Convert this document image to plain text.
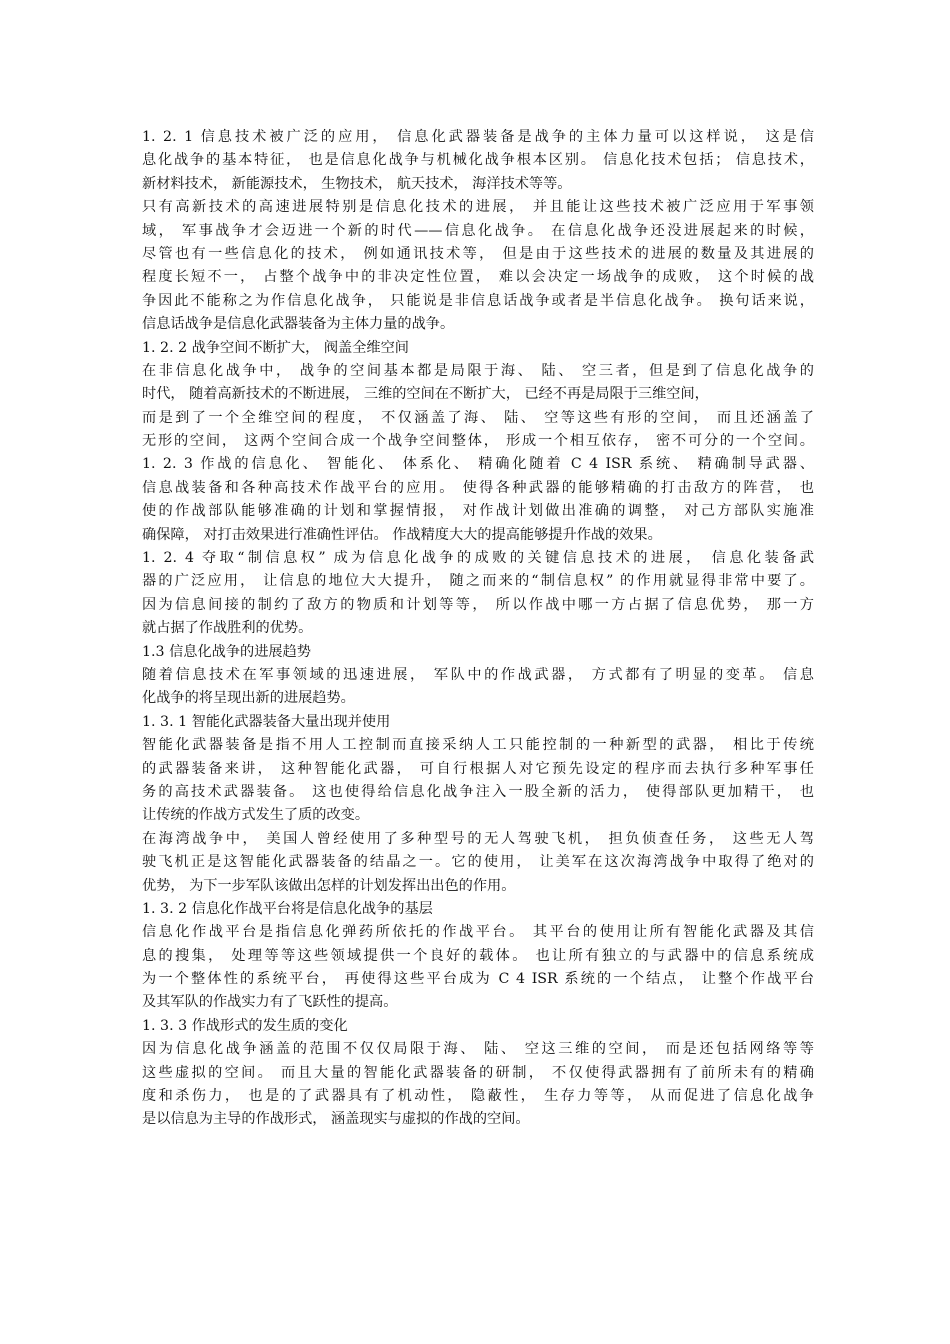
1. 2. 1 信息技术被广泛的应用， 信息化武器装备是战争的主体力量可以这样说， 这是信
息化战争的基本特征， 也是信息化战争与机械化战争根本区别。 信息化技术包括； 信息技术，
新材料技术， 新能源技术， 生物技术， 航天技术， 海洋技术等等。
只有高新技术的高速进展特别是信息化技术的进展， 并且能让这些技术被广泛应用于军事领
域， 军事战争才会迈进一个新的时代——信息化战争。 在信息化战争还没进展起来的时候，
尽管也有一些信息化的技术， 例如通讯技术等， 但是由于这些技术的进展的数量及其进展的
程度长短不一， 占整个战争中的非决定性位置， 难以会决定一场战争的成败， 这个时候的战
争因此不能称之为作信息化战争， 只能说是非信息话战争或者是半信息化战争。 换句话来说，
信息话战争是信息化武器装备为主体力量的战争。
1. 2. 2 战争空间不断扩大， 阀盖全维空间
在非信息化战争中， 战争的空间基本都是局限于海、 陆、 空三者，但是到了信息化战争的
时代， 随着高新技术的不断进展， 三维的空间在不断扩大， 已经不再是局限于三维空间，
而是到了一个全维空间的程度， 不仅涵盖了海、 陆、 空等这些有形的空间， 而且还涵盖了
无形的空间， 这两个空间合成一个战争空间整体， 形成一个相互依存， 密不可分的一个空间。
1. 2. 3 作战的信息化、 智能化、 体系化、 精确化随着 C 4 ISR 系统、 精确制导武器、
信息战装备和各种高技术作战平台的应用。 使得各种武器的能够精确的打击敌方的阵营， 也
使的作战部队能够准确的计划和掌握情报， 对作战计划做出准确的调整， 对己方部队实施准
确保障， 对打击效果进行准确性评估。 作战精度大大的提高能够提升作战的效果。
1. 2. 4 夺取“制信息权” 成为信息化战争的成败的关键信息技术的进展， 信息化装备武
器的广泛应用， 让信息的地位大大提升， 随之而来的“制信息权” 的作用就显得非常中要了。
因为信息间接的制约了敌方的物质和计划等等， 所以作战中哪一方占据了信息优势， 那一方
就占据了作战胜利的优势。
1.3 信息化战争的进展趋势
随着信息技术在军事领域的迅速进展， 军队中的作战武器， 方式都有了明显的变革。 信息
化战争的将呈现出新的进展趋势。
1. 3. 1 智能化武器装备大量出现并使用
智能化武器装备是指不用人工控制而直接采纳人工只能控制的一种新型的武器， 相比于传统
的武器装备来讲， 这种智能化武器， 可自行根据人对它预先设定的程序而去执行多种军事任
务的高技术武器装备。 这也使得给信息化战争注入一股全新的活力， 使得部队更加精干， 也
让传统的作战方式发生了质的改变。
在海湾战争中， 美国人曾经使用了多种型号的无人驾驶飞机， 担负侦查任务， 这些无人驾
驶飞机正是这智能化武器装备的结晶之一。它的使用， 让美军在这次海湾战争中取得了绝对的
优势， 为下一步军队该做出怎样的计划发挥出出色的作用。
1. 3. 2 信息化作战平台将是信息化战争的基层
信息化作战平台是指信息化弹药所依托的作战平台。 其平台的使用让所有智能化武器及其信
息的搜集， 处理等等这些领域提供一个良好的载体。 也让所有独立的与武器中的信息系统成
为一个整体性的系统平台， 再使得这些平台成为 C 4 ISR 系统的一个结点， 让整个作战平台
及其军队的作战实力有了飞跃性的提高。
1. 3. 3 作战形式的发生质的变化
因为信息化战争涵盖的范围不仅仅局限于海、 陆、 空这三维的空间， 而是还包括网络等等
这些虚拟的空间。 而且大量的智能化武器装备的研制， 不仅使得武器拥有了前所未有的精确
度和杀伤力， 也是的了武器具有了机动性， 隐蔽性， 生存力等等， 从而促进了信息化战争
是以信息为主导的作战形式， 涵盖现实与虚拟的作战的空间。
